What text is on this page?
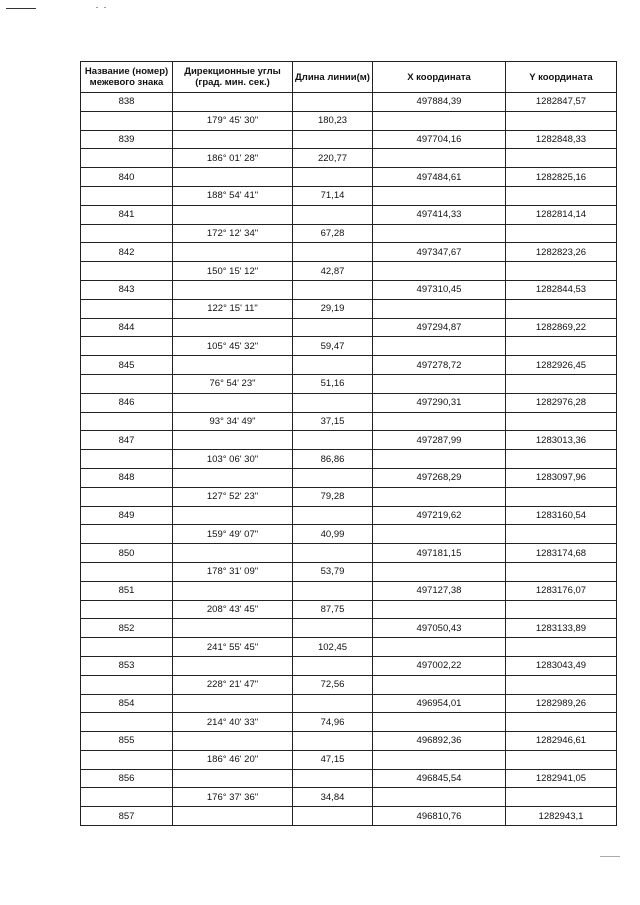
Название (номер) межевого знака	Дирекционные углы (град. мин. сек.)	Длина линии(м)	X координата	Y координата
838			497884,39	1282847,57
	179° 45' 30"	180,23		
839			497704,16	1282848,33
	186° 01' 28"	220,77		
840			497484,61	1282825,16
	188° 54' 41"	71,14		
841			497414,33	1282814,14
	172° 12' 34"	67,28		
842			497347,67	1282823,26
	150° 15' 12"	42,87		
843			497310,45	1282844,53
	122° 15' 11"	29,19		
844			497294,87	1282869,22
	105° 45' 32"	59,47		
845			497278,72	1282926,45
	76° 54' 23"	51,16		
846			497290,31	1282976,28
	93° 34' 49"	37,15		
847			497287,99	1283013,36
	103° 06' 30"	86,86		
848			497268,29	1283097,96
	127° 52' 23"	79,28		
849			497219,62	1283160,54
	159° 49' 07"	40,99		
850			497181,15	1283174,68
	178° 31' 09"	53,79		
851			497127,38	1283176,07
	208° 43' 45"	87,75		
852			497050,43	1283133,89
	241° 55' 45"	102,45		
853			497002,22	1283043,49
	228° 21' 47"	72,56		
854			496954,01	1282989,26
	214° 40' 33"	74,96		
855			496892,36	1282946,61
	186° 46' 20"	47,15		
856			496845,54	1282941,05
	176° 37' 36"	34,84		
857			496810,76	1282943,1
